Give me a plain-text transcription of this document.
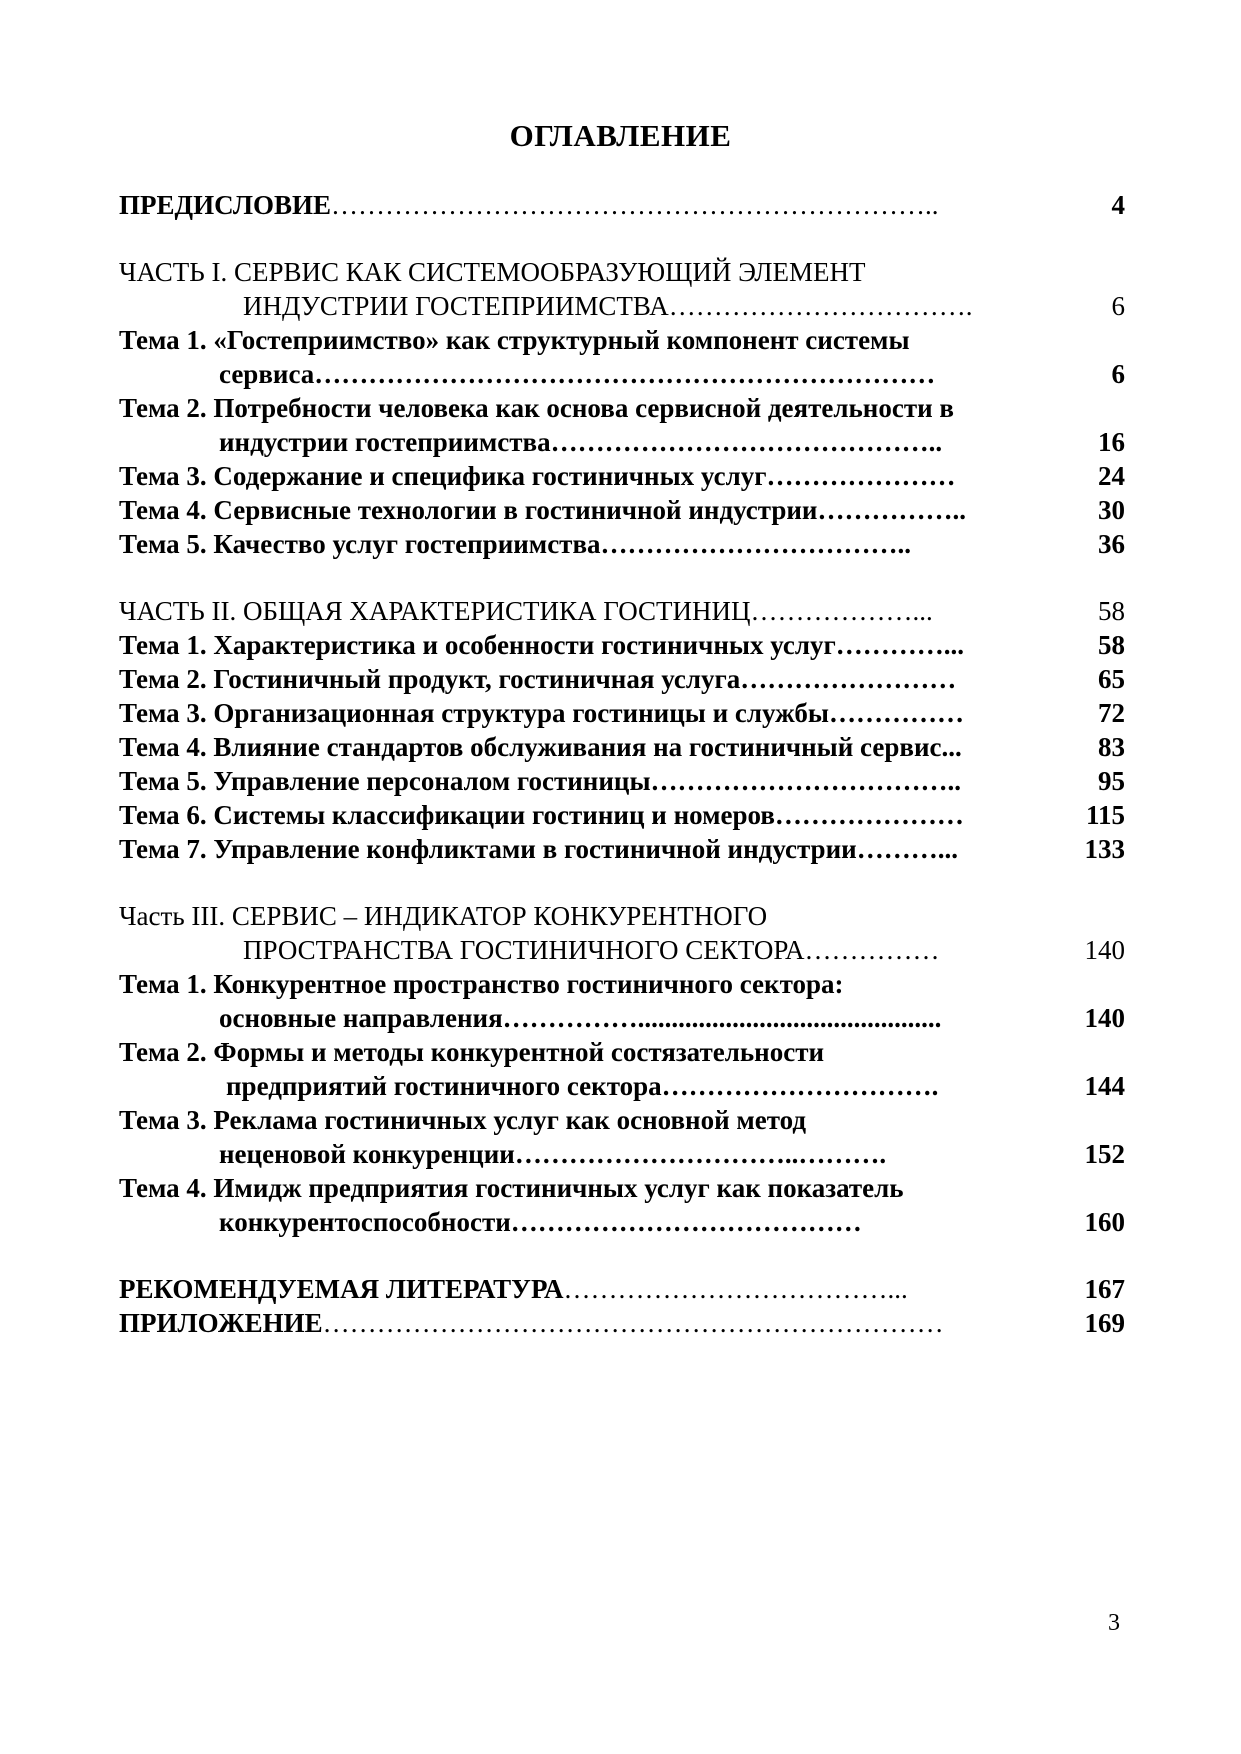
ОГЛАВЛЕНИЕ
ПРЕДИСЛОВИЕ…………………………………………………………..	4
ЧАСТЬ I. СЕРВИС КАК СИСТЕМООБРАЗУЮЩИЙ ЭЛЕМЕНТ
ИНДУСТРИИ ГОСТЕПРИИМСТВА…………………………….	6
Тема 1. «Гостеприимство» как структурный компонент системы
сервиса……………………………………………………………	6
Тема 2. Потребности человека как основа сервисной деятельности в
индустрии гостеприимства……………………………………..	16
Тема 3. Содержание и специфика гостиничных услуг…………………	24
Тема 4. Сервисные технологии в гостиничной индустрии……………..	30
Тема 5. Качество услуг гостеприимства……………………………..	36
ЧАСТЬ II. ОБЩАЯ ХАРАКТЕРИСТИКА ГОСТИНИЦ………………...	58
Тема 1. Характеристика и особенности гостиничных услуг…………...	58
Тема 2. Гостиничный продукт, гостиничная услуга……………………	65
Тема 3. Организационная структура гостиницы и службы……………	72
Тема 4. Влияние стандартов обслуживания на гостиничный сервис...	83
Тема 5. Управление персоналом гостиницы……………………………..	95
Тема 6. Системы классификации гостиниц и номеров…………………	115
Тема 7. Управление конфликтами в гостиничной индустрии………...	133
Часть III. СЕРВИС – ИНДИКАТОР КОНКУРЕНТНОГО
ПРОСТРАНСТВА ГОСТИНИЧНОГО СЕКТОРА……………	140
Тема 1. Конкурентное пространство гостиничного сектора:
основные направления…………….............................................	140
Тема 2. Формы и методы конкурентной состязательности
предприятий гостиничного сектора………………………….	144
Тема 3. Реклама гостиничных услуг как основной метод
неценовой конкуренции…………………………..……….	152
Тема 4. Имидж предприятия гостиничных услуг как показатель
конкурентоспособности…………………………………	160
РЕКОМЕНДУЕМАЯ ЛИТЕРАТУРА………………………………...	167
ПРИЛОЖЕНИЕ……………………………………………………………	169
3
